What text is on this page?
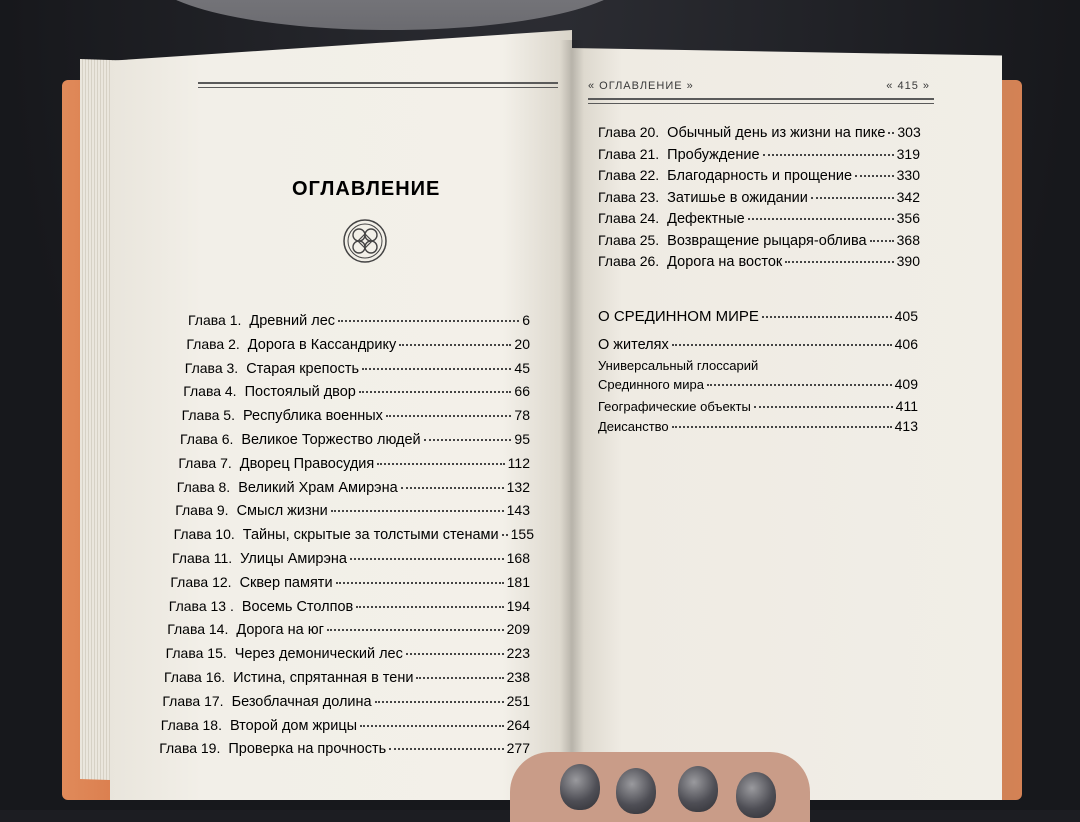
ОГЛАВЛЕНИЕ
« ОГЛАВЛЕНИЕ »	« 415 »
Глава 1. Древний лес	6
Глава 2. Дорога в Кассандрику	20
Глава 3. Старая крепость	45
Глава 4. Постоялый двор	66
Глава 5. Республика военных	78
Глава 6. Великое Торжество людей	95
Глава 7. Дворец Правосудия	112
Глава 8. Великий Храм Амирэна	132
Глава 9. Смысл жизни	143
Глава 10. Тайны, скрытые за толстыми стенами 155
Глава 11. Улицы Амирэна	168
Глава 12. Сквер памяти	181
Глава 13 . Восемь Столпов	194
Глава 14. Дорога на юг	209
Глава 15. Через демонический лес	223
Глава 16. Истина, спрятанная в тени	238
Глава 17. Безоблачная долина	251
Глава 18. Второй дом жрицы	264
Глава 19. Проверка на прочность	277
Глава 20. Обычный день из жизни на пике 303
Глава 21. Пробуждение	319
Глава 22. Благодарность и прощение	330
Глава 23. Затишье в ожидании	342
Глава 24. Дефектные	356
Глава 25. Возвращение рыцаря-облива 368
Глава 26. Дорога на восток	390
О СРЕДИННОМ МИРЕ	405
О жителях	406
Универсальный глоссарий
Срединного мира	409
Географические объекты	411
Деисанство	413
